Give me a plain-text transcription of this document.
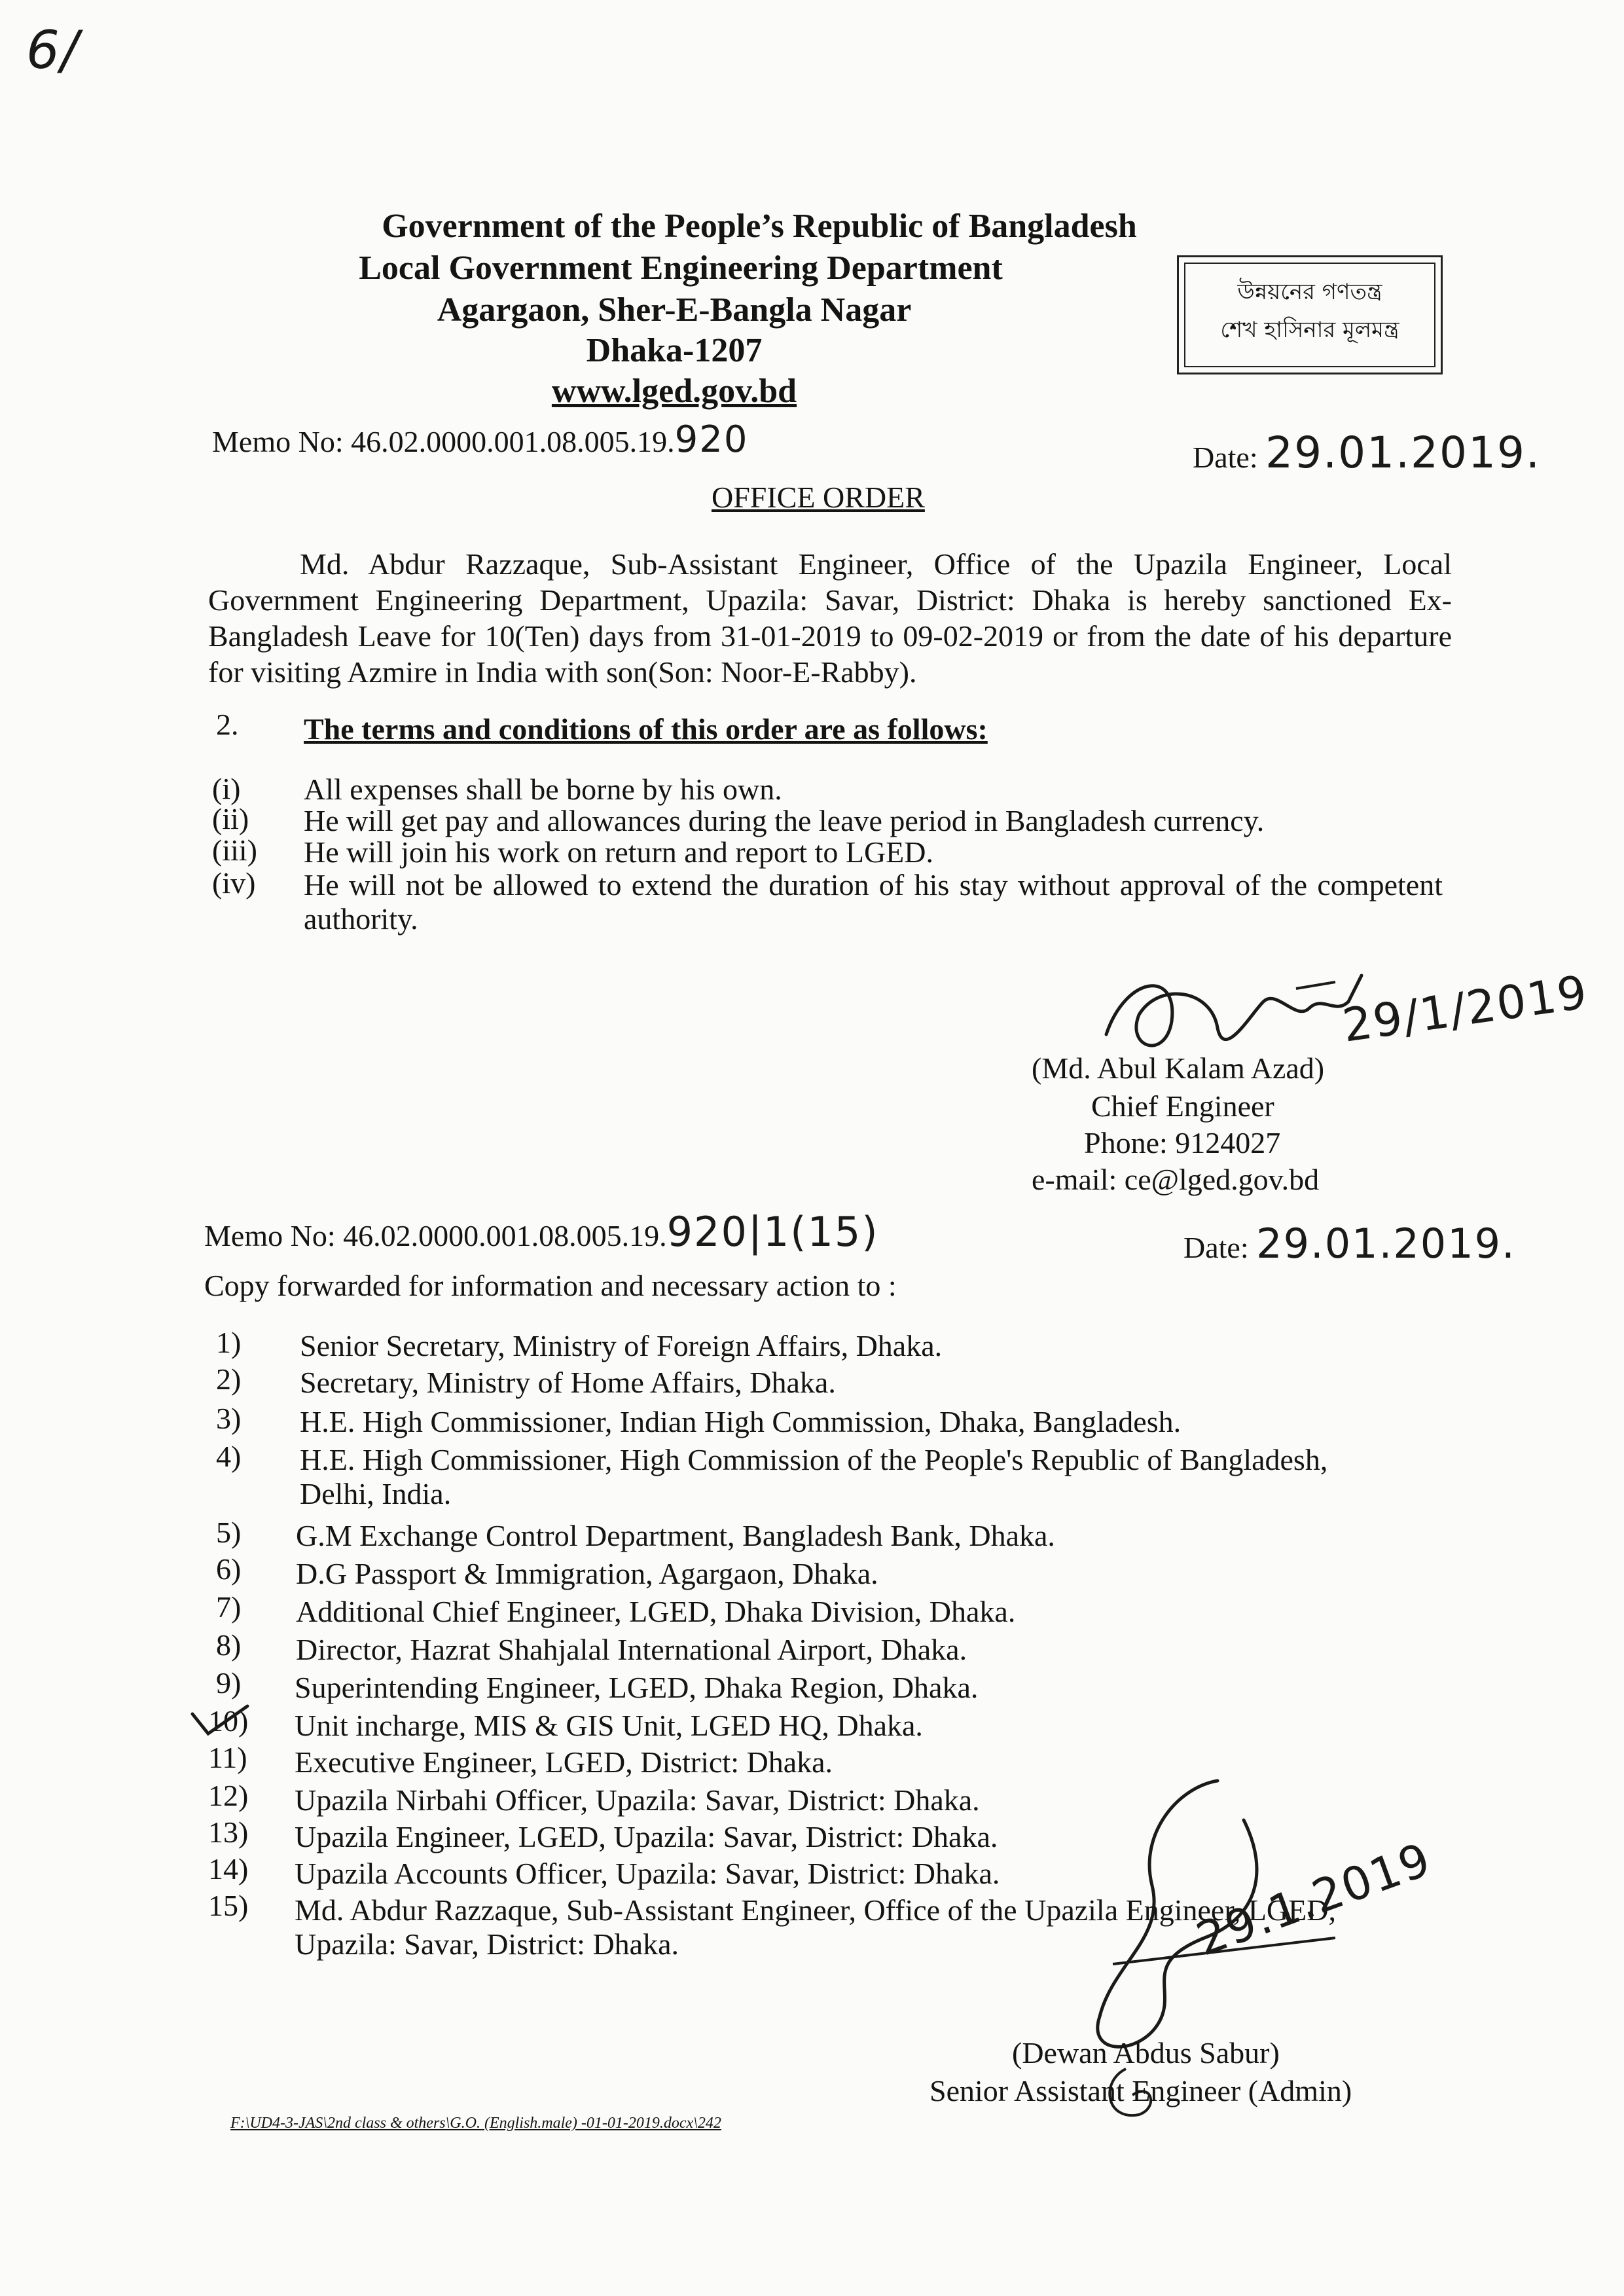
6/
Government of the People’s Republic of Bangladesh
Local Government Engineering Department
Agargaon, Sher-E-Bangla Nagar
Dhaka-1207
www.lged.gov.bd
উন্নয়নের গণতন্ত্র
শেখ হাসিনার মূলমন্ত্র
Memo No: 46.02.0000.001.08.005.19.920	Date: 29.01.2019.
OFFICE ORDER
Md. Abdur Razzaque, Sub-Assistant Engineer, Office of the Upazila Engineer, Local Government Engineering Department, Upazila: Savar, District: Dhaka is hereby sanctioned Ex-Bangladesh Leave for 10(Ten) days from 31-01-2019 to 09-02-2019 or from the date of his departure for visiting Azmire in India with son(Son: Noor-E-Rabby).
2. The terms and conditions of this order are as follows:
(i) All expenses shall be borne by his own.
(ii) He will get pay and allowances during the leave period in Bangladesh currency.
(iii) He will join his work on return and report to LGED.
(iv) He will not be allowed to extend the duration of his stay without approval of the competent authority.
29/1/2019
(Md. Abul Kalam Azad)
Chief Engineer
Phone: 9124027
e-mail: ce@lged.gov.bd
Memo No: 46.02.0000.001.08.005.19.920|1(15)	Date: 29.01.2019.
Copy forwarded for information and necessary action to :
1) Senior Secretary, Ministry of Foreign Affairs, Dhaka.
2) Secretary, Ministry of Home Affairs, Dhaka.
3) H.E. High Commissioner, Indian High Commission, Dhaka, Bangladesh.
4) H.E. High Commissioner, High Commission of the People's Republic of Bangladesh,
Delhi, India.
5) G.M Exchange Control Department, Bangladesh Bank, Dhaka.
6) D.G Passport & Immigration, Agargaon, Dhaka.
7) Additional Chief Engineer, LGED, Dhaka Division, Dhaka.
8) Director, Hazrat Shahjalal International Airport, Dhaka.
9) Superintending Engineer, LGED, Dhaka Region, Dhaka.
10) Unit incharge, MIS & GIS Unit, LGED HQ, Dhaka.
11) Executive Engineer, LGED, District: Dhaka.
12) Upazila Nirbahi Officer, Upazila: Savar, District: Dhaka.
13) Upazila Engineer, LGED, Upazila: Savar, District: Dhaka.
14) Upazila Accounts Officer, Upazila: Savar, District: Dhaka.
15) Md. Abdur Razzaque, Sub-Assistant Engineer, Office of the Upazila Engineer, LGED,
Upazila: Savar, District: Dhaka.	29.1.2019
(Dewan Abdus Sabur)
Senior Assistant Engineer (Admin)
F:\UD4-3-JAS\2nd class & others\G.O. (English.male) -01-01-2019.docx\242
